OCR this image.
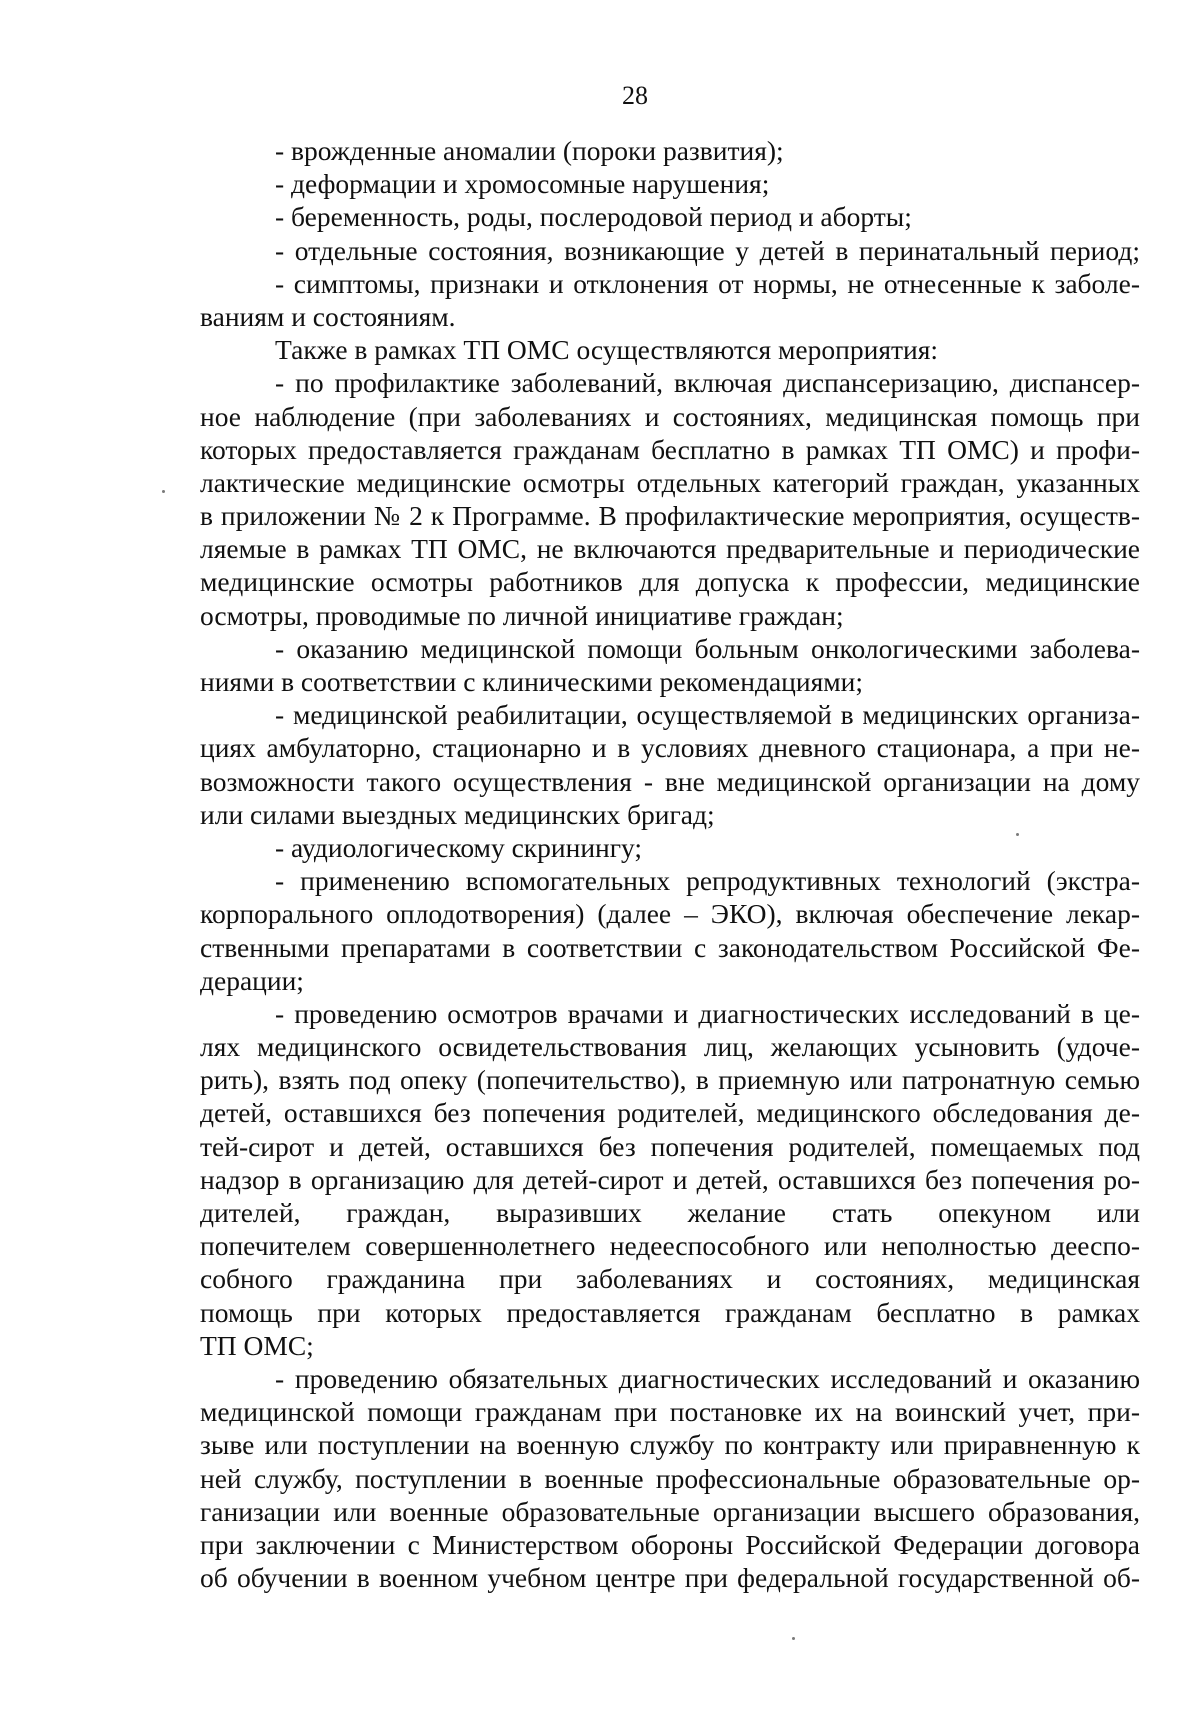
28
- врожденные аномалии (пороки развития);
- деформации и хромосомные нарушения;
- беременность, роды, послеродовой период и аборты;
- отдельные состояния, возникающие у детей в перинатальный период;
- симптомы, признаки и отклонения от нормы, не отнесенные к заболе-
ваниям и состояниям.
Также в рамках ТП ОМС осуществляются мероприятия:
- по профилактике заболеваний, включая диспансеризацию, диспансер-
ное наблюдение (при заболеваниях и состояниях, медицинская помощь при
которых предоставляется гражданам бесплатно в рамках ТП ОМС) и профи-
лактические медицинские осмотры отдельных категорий граждан, указанных
в приложении № 2 к Программе. В профилактические мероприятия, осуществ-
ляемые в рамках ТП ОМС, не включаются предварительные и периодические
медицинские осмотры работников для допуска к профессии, медицинские
осмотры, проводимые по личной инициативе граждан;
- оказанию медицинской помощи больным онкологическими заболева-
ниями в соответствии с клиническими рекомендациями;
- медицинской реабилитации, осуществляемой в медицинских организа-
циях амбулаторно, стационарно и в условиях дневного стационара, а при не-
возможности такого осуществления - вне медицинской организации на дому
или силами выездных медицинских бригад;
- аудиологическому скринингу;
- применению вспомогательных репродуктивных технологий (экстра-
корпорального оплодотворения) (далее – ЭКО), включая обеспечение лекар-
ственными препаратами в соответствии с законодательством Российской Фе-
дерации;
- проведению осмотров врачами и диагностических исследований в це-
лях медицинского освидетельствования лиц, желающих усыновить (удоче-
рить), взять под опеку (попечительство), в приемную или патронатную семью
детей, оставшихся без попечения родителей, медицинского обследования де-
тей-сирот и детей, оставшихся без попечения родителей, помещаемых под
надзор в организацию для детей-сирот и детей, оставшихся без попечения ро-
дителей, граждан, выразивших желание стать опекуном или
попечителем совершеннолетнего недееспособного или неполностью дееспо-
собного гражданина при заболеваниях и состояниях, медицинская
помощь при которых предоставляется гражданам бесплатно в рамках
ТП ОМС;
- проведению обязательных диагностических исследований и оказанию
медицинской помощи гражданам при постановке их на воинский учет, при-
зыве или поступлении на военную службу по контракту или приравненную к
ней службу, поступлении в военные профессиональные образовательные ор-
ганизации или военные образовательные организации высшего образования,
при заключении с Министерством обороны Российской Федерации договора
об обучении в военном учебном центре при федеральной государственной об-
